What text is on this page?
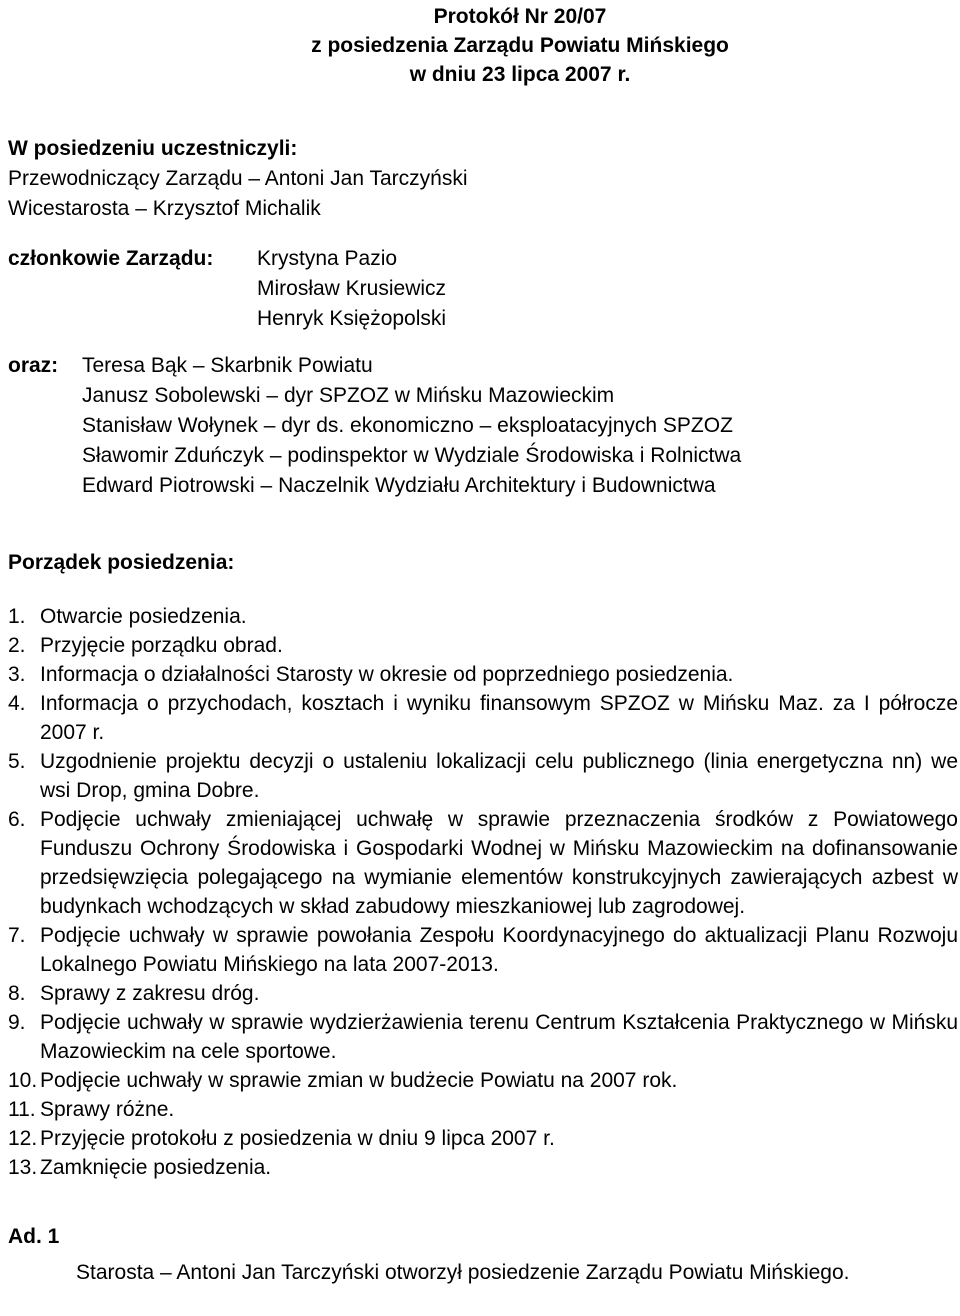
Protokół Nr 20/07
z posiedzenia Zarządu Powiatu Mińskiego
w dniu 23 lipca 2007 r.
W posiedzeniu uczestniczyli:
Przewodniczący Zarządu – Antoni Jan Tarczyński
Wicestarosta – Krzysztof Michalik
członkowie Zarządu: Krystyna Pazio
Mirosław Krusiewicz
Henryk Księżopolski
oraz: Teresa Bąk – Skarbnik Powiatu
Janusz Sobolewski – dyr SPZOZ w Mińsku Mazowieckim
Stanisław Wołynek – dyr ds. ekonomiczno – eksploatacyjnych SPZOZ
Sławomir Zduńczyk – podinspektor w Wydziale Środowiska i Rolnictwa
Edward Piotrowski – Naczelnik Wydziału Architektury i Budownictwa
Porządek posiedzenia:
1. Otwarcie posiedzenia.
2. Przyjęcie porządku obrad.
3. Informacja o działalności Starosty w okresie od poprzedniego posiedzenia.
4. Informacja o przychodach, kosztach i wyniku finansowym SPZOZ w Mińsku Maz. za I półrocze 2007 r.
5. Uzgodnienie projektu decyzji o ustaleniu lokalizacji celu publicznego (linia energetyczna nn) we wsi Drop, gmina Dobre.
6. Podjęcie uchwały zmieniającej uchwałę w sprawie przeznaczenia środków z Powiatowego Funduszu Ochrony Środowiska i Gospodarki Wodnej w Mińsku Mazowieckim na dofinansowanie przedsięwzięcia polegającego na wymianie elementów konstrukcyjnych zawierających azbest w budynkach wchodzących w skład zabudowy mieszkaniowej lub zagrodowej.
7. Podjęcie uchwały w sprawie powołania Zespołu Koordynacyjnego do aktualizacji Planu Rozwoju Lokalnego Powiatu Mińskiego na lata 2007-2013.
8. Sprawy z zakresu dróg.
9. Podjęcie uchwały w sprawie wydzierżawienia terenu Centrum Kształcenia Praktycznego w Mińsku Mazowieckim na cele sportowe.
10. Podjęcie uchwały w sprawie zmian w budżecie Powiatu na 2007 rok.
11. Sprawy różne.
12. Przyjęcie protokołu z posiedzenia w dniu 9 lipca 2007 r.
13. Zamknięcie posiedzenia.
Ad. 1
Starosta – Antoni Jan Tarczyński otworzył posiedzenie Zarządu Powiatu Mińskiego.
